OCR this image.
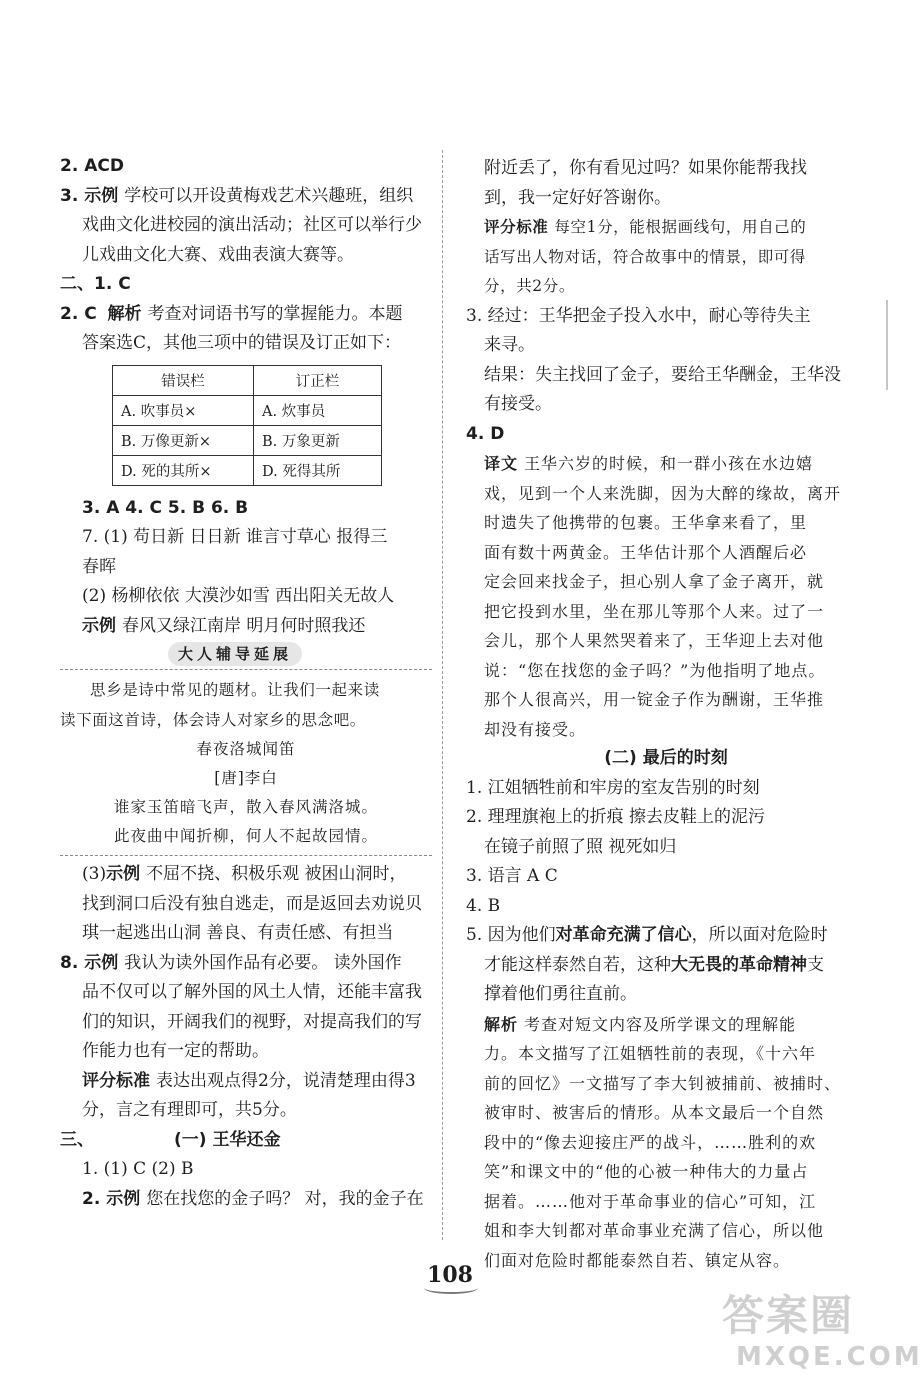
2. ACD
3. 示例 学校可以开设黄梅戏艺术兴趣班，组织
戏曲文化进校园的演出活动；社区可以举行少
儿戏曲文化大赛、戏曲表演大赛等。
二、1. C
2. C 解析 考查对词语书写的掌握能力。本题
答案选C，其他三项中的错误及订正如下：
错误栏	订正栏
A. 吹事员×	A. 炊事员
B. 万像更新×	B. 万象更新
D. 死的其所×	D. 死得其所
3. A 4. C 5. B 6. B
7. (1) 苟日新 日日新 谁言寸草心 报得三
春晖
(2) 杨柳依依 大漠沙如雪 西出阳关无故人
示例 春风又绿江南岸 明月何时照我还
大人辅导延展
思乡是诗中常见的题材。让我们一起来读
读下面这首诗，体会诗人对家乡的思念吧。
春夜洛城闻笛
[唐]李白
谁家玉笛暗飞声，散入春风满洛城。
此夜曲中闻折柳，何人不起故园情。
(3)示例 不屈不挠、积极乐观 被困山洞时，
找到洞口后没有独自逃走，而是返回去劝说贝
琪一起逃出山洞 善良、有责任感、有担当
8. 示例 我认为读外国作品有必要。 读外国作
品不仅可以了解外国的风土人情，还能丰富我
们的知识，开阔我们的视野，对提高我们的写
作能力也有一定的帮助。
评分标准 表达出观点得2分，说清楚理由得3
分，言之有理即可，共5分。
三、	(一) 王华还金
1. (1) C (2) B
2. 示例 您在找您的金子吗？ 对，我的金子在
附近丢了，你有看见过吗？如果你能帮我找
到，我一定好好答谢你。
评分标准 每空1分，能根据画线句，用自己的
话写出人物对话，符合故事中的情景，即可得
分，共2分。
3. 经过：王华把金子投入水中，耐心等待失主
来寻。
结果：失主找回了金子，要给王华酬金，王华没
有接受。
4. D
译文 王华六岁的时候，和一群小孩在水边嬉
戏，见到一个人来洗脚，因为大醉的缘故，离开
时遗失了他携带的包裹。王华拿来看了，里
面有数十两黄金。王华估计那个人酒醒后必
定会回来找金子，担心别人拿了金子离开，就
把它投到水里，坐在那儿等那个人来。过了一
会儿，那个人果然哭着来了，王华迎上去对他
说：“您在找您的金子吗？”为他指明了地点。
那个人很高兴，用一锭金子作为酬谢，王华推
却没有接受。
(二) 最后的时刻
1. 江姐牺牲前和牢房的室友告别的时刻
2. 理理旗袍上的折痕 擦去皮鞋上的泥污
在镜子前照了照 视死如归
3. 语言 A C
4. B
5. 因为他们对革命充满了信心，所以面对危险时
才能这样泰然自若，这种大无畏的革命精神支
撑着他们勇往直前。
解析 考查对短文内容及所学课文的理解能
力。本文描写了江姐牺牲前的表现，《十六年
前的回忆》一文描写了李大钊被捕前、被捕时、
被审时、被害后的情形。从本文最后一个自然
段中的“像去迎接庄严的战斗，……胜利的欢
笑”和课文中的“他的心被一种伟大的力量占
据着。……他对于革命事业的信心”可知，江
姐和李大钊都对革命事业充满了信心，所以他
们面对危险时都能泰然自若、镇定从容。
108
答案圈
MXQE.COM
